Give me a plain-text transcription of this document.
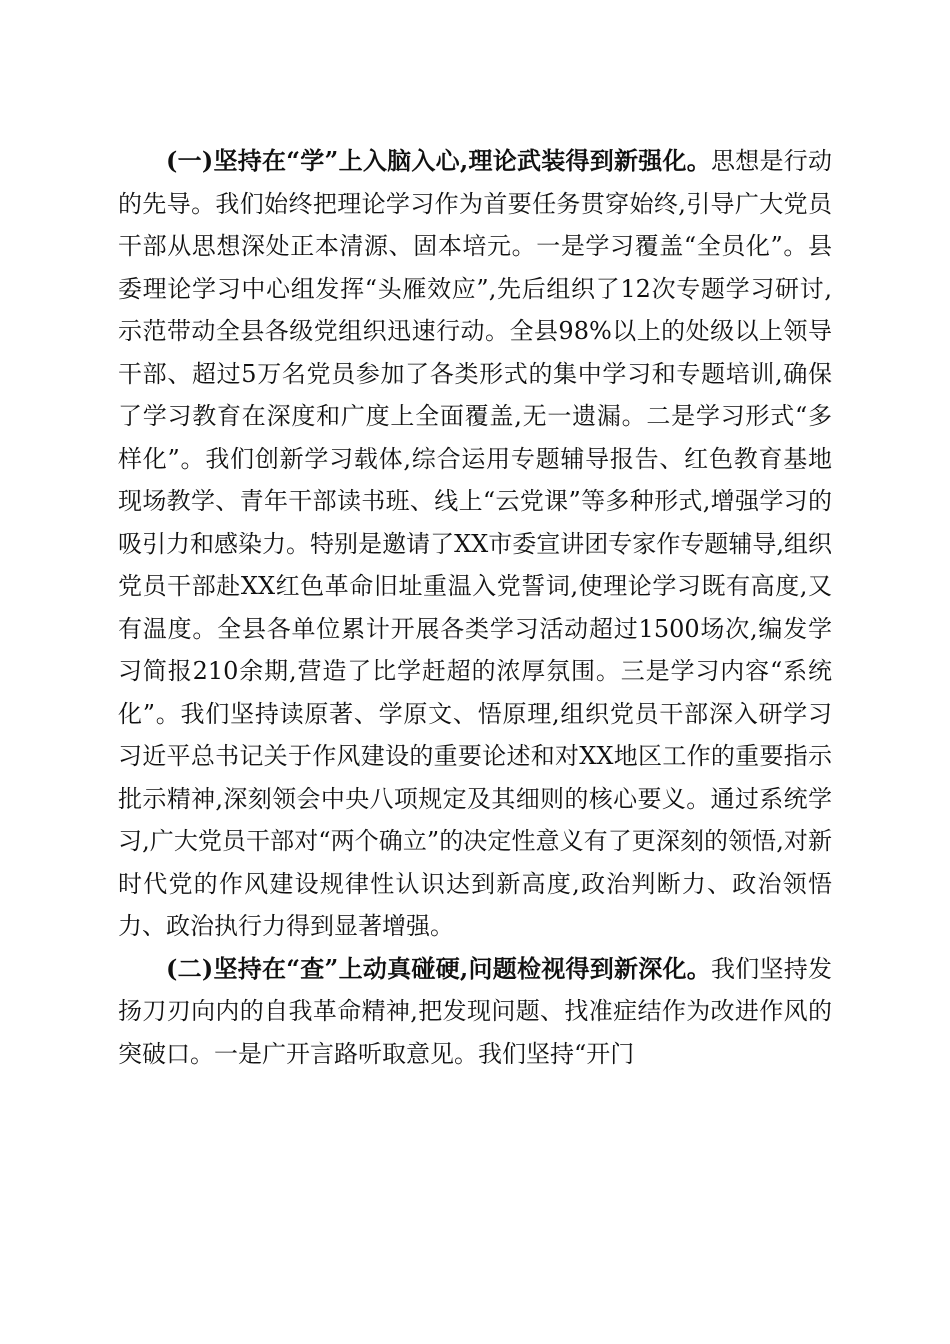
(一)坚持在“学”上入脑入心,理论武装得到新强化。思想是行动的先导。我们始终把理论学习作为首要任务贯穿始终,引导广大党员干部从思想深处正本清源、固本培元。一是学习覆盖“全员化”。县委理论学习中心组发挥“头雁效应”,先后组织了12次专题学习研讨,示范带动全县各级党组织迅速行动。全县98%以上的处级以上领导干部、超过5万名党员参加了各类形式的集中学习和专题培训,确保了学习教育在深度和广度上全面覆盖,无一遗漏。二是学习形式“多样化”。我们创新学习载体,综合运用专题辅导报告、红色教育基地现场教学、青年干部读书班、线上“云党课”等多种形式,增强学习的吸引力和感染力。特别是邀请了XX市委宣讲团专家作专题辅导,组织党员干部赴XX红色革命旧址重温入党誓词,使理论学习既有高度,又有温度。全县各单位累计开展各类学习活动超过1500场次,编发学习简报210余期,营造了比学赶超的浓厚氛围。三是学习内容“系统化”。我们坚持读原著、学原文、悟原理,组织党员干部深入研学习习近平总书记关于作风建设的重要论述和对XX地区工作的重要指示批示精神,深刻领会中央八项规定及其细则的核心要义。通过系统学习,广大党员干部对“两个确立”的决定性意义有了更深刻的领悟,对新时代党的作风建设规律性认识达到新高度,政治判断力、政治领悟力、政治执行力得到显著增强。

(二)坚持在“查”上动真碰硬,问题检视得到新深化。我们坚持发扬刀刃向内的自我革命精神,把发现问题、找准症结作为改进作风的突破口。一是广开言路听取意见。我们坚持“开门
